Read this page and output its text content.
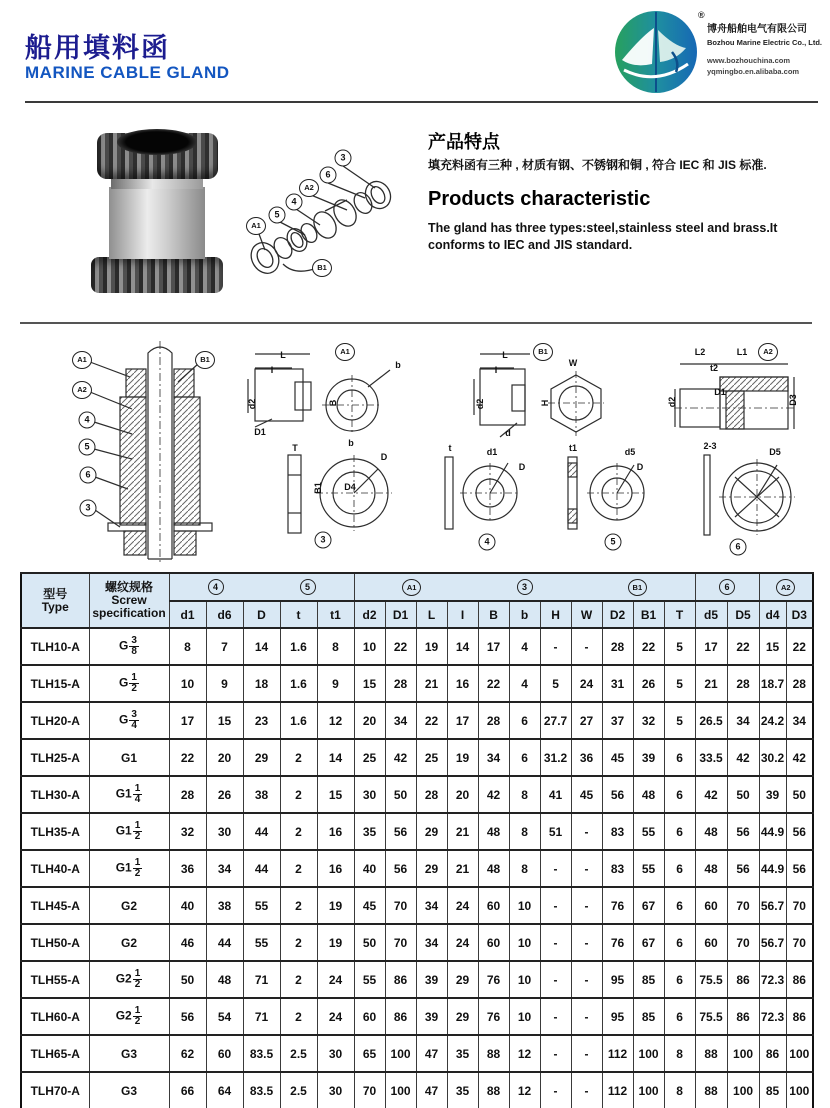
船用填料函
MARINE CABLE GLAND
®
博舟船舶电气有限公司
Bozhou Marine Electric Co., Ltd.
www.bozhouchina.com
yqmingbo.en.alibaba.com
3
6
A2
4
5
A1
B1
产品特点
填充料函有三种 , 材质有钢、不锈钢和铜 , 符合 IEC 和 JIS 标准.
Products characteristic
The gland has three types:steel,stainless steel and brass.It conforms to IEC and JIS standard.
A1
A2
4
5
6
3
B1	L
I
d2
D1
A1
b
B
T	b
D
B1 D4
3
L
I
d2
d
B1
W
H
t	d1
D
4
t1	d5
D
5
L2	L1
t2
D1
d2	D3
A2
2-3
D5
6
型号
Type

螺纹规格
Screw
specification

4	5	A1	3	B1	6	A2

		d1	d6	D	t	t1	d2	D1	L	I	B	b	H	W	D2	B1	T	d5	D5	d4	D3
TLH10-A	G $\frac{3}{8}$	8	7	14	1.6	8	10	22	19	14	17	4	-	-	28	22	5	17	22	15	22
TLH15-A	G $\frac{1}{2}$	10	9	18	1.6	9	15	28	21	16	22	4	5	24	31	26	5	21	28	18.7	28
TLH20-A	G $\frac{3}{4}$	17	15	23	1.6	12	20	34	22	17	28	6	27.7	27	37	32	5	26.5	34	24.2	34
TLH25-A	G1	22	20	29	2	14	25	42	25	19	34	6	31.2	36	45	39	6	33.5	42	30.2	42
TLH30-A	$G1 \frac{1}{4}$	28	26	38	2	15	30	50	28	20	42	8	41	45	56	48	6	42	50	39	50
TLH35-A	$G1 \frac{1}{2}$	32	30	44	2	16	35	56	29	21	48	8	51	-	83	55	6	48	56	44.9	56
TLH40-A	$G1 \frac{1}{2}$	36	34	44	2	16	40	56	29	21	48	8	-	-	83	55	6	48	56	44.9	56
TLH45-A	G2	40	38	55	2	19	45	70	34	24	60	10	-	-	76	67	6	60	70	56.7	70
TLH50-A	G2	46	44	55	2	19	50	70	34	24	60	10	-	-	76	67	6	60	70	56.7	70
TLH55-A	$G2 \frac{1}{2}$	50	48	71	2	24	55	86	39	29	76	10	-	-	95	85	6	75.5	86	72.3	86
TLH60-A	$G2 \frac{1}{2}$	56	54	71	2	24	60	86	39	29	76	10	-	-	95	85	6	75.5	86	72.3	86
TLH65-A	G3	62	60	83.5	2.5	30	65	100	47	35	88	12	-	-	112	100	8	88	100	86	100
TLH70-A	G3	66	64	83.5	2.5	30	70	100	47	35	88	12	-	-	112	100	8	88	100	85	100
